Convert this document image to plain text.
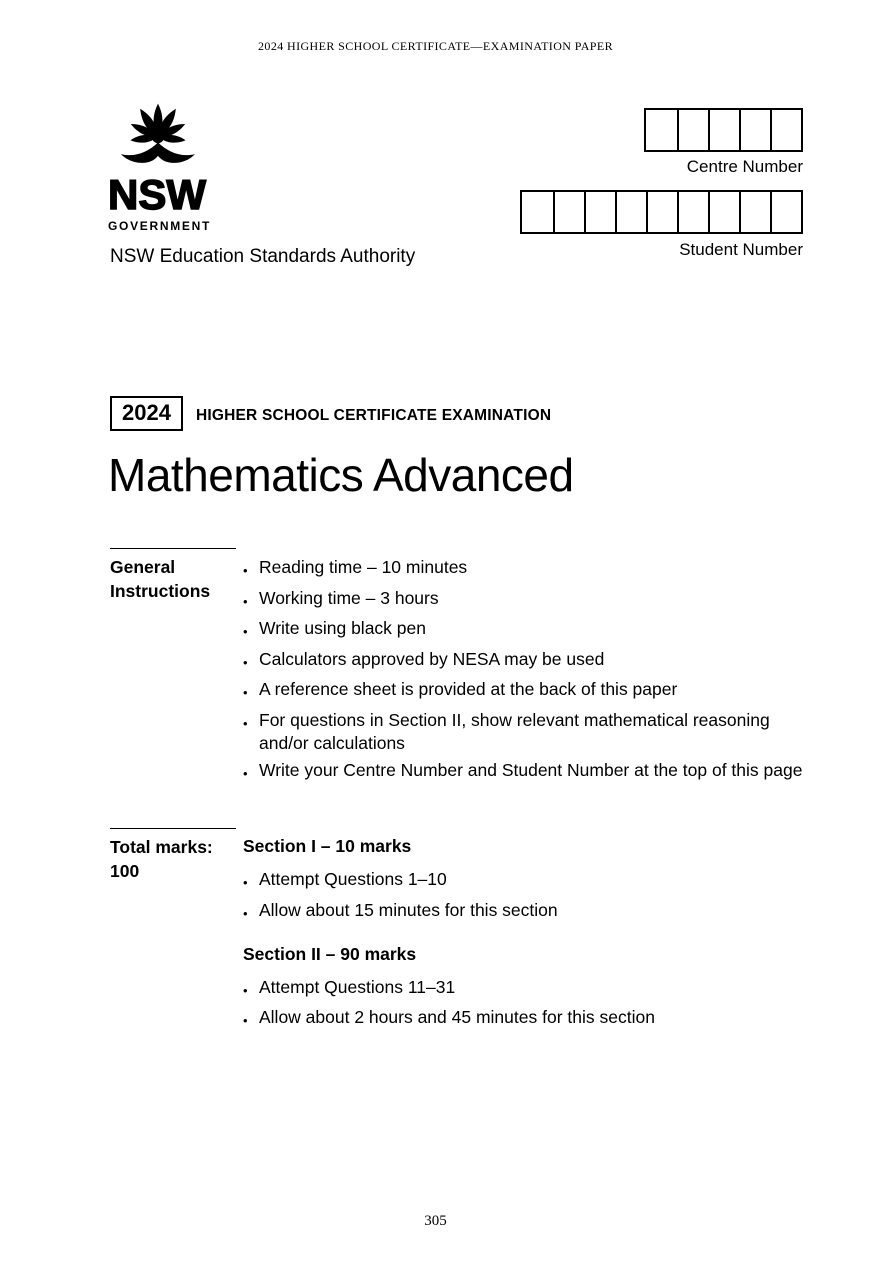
2024 HIGHER SCHOOL CERTIFICATE—EXAMINATION PAPER
NSW
GOVERNMENT
NSW Education Standards Authority
Centre Number
Student Number
2024	HIGHER SCHOOL CERTIFICATE EXAMINATION
Mathematics Advanced
General
Instructions
• Reading time – 10 minutes
• Working time – 3 hours
• Write using black pen
• Calculators approved by NESA may be used
• A reference sheet is provided at the back of this paper
• For questions in Section II, show relevant mathematical reasoning and/or calculations
• Write your Centre Number and Student Number at the top of this page
Total marks:
100
Section I – 10 marks
• Attempt Questions 1–10
• Allow about 15 minutes for this section
Section II – 90 marks
• Attempt Questions 11–31
• Allow about 2 hours and 45 minutes for this section
305
